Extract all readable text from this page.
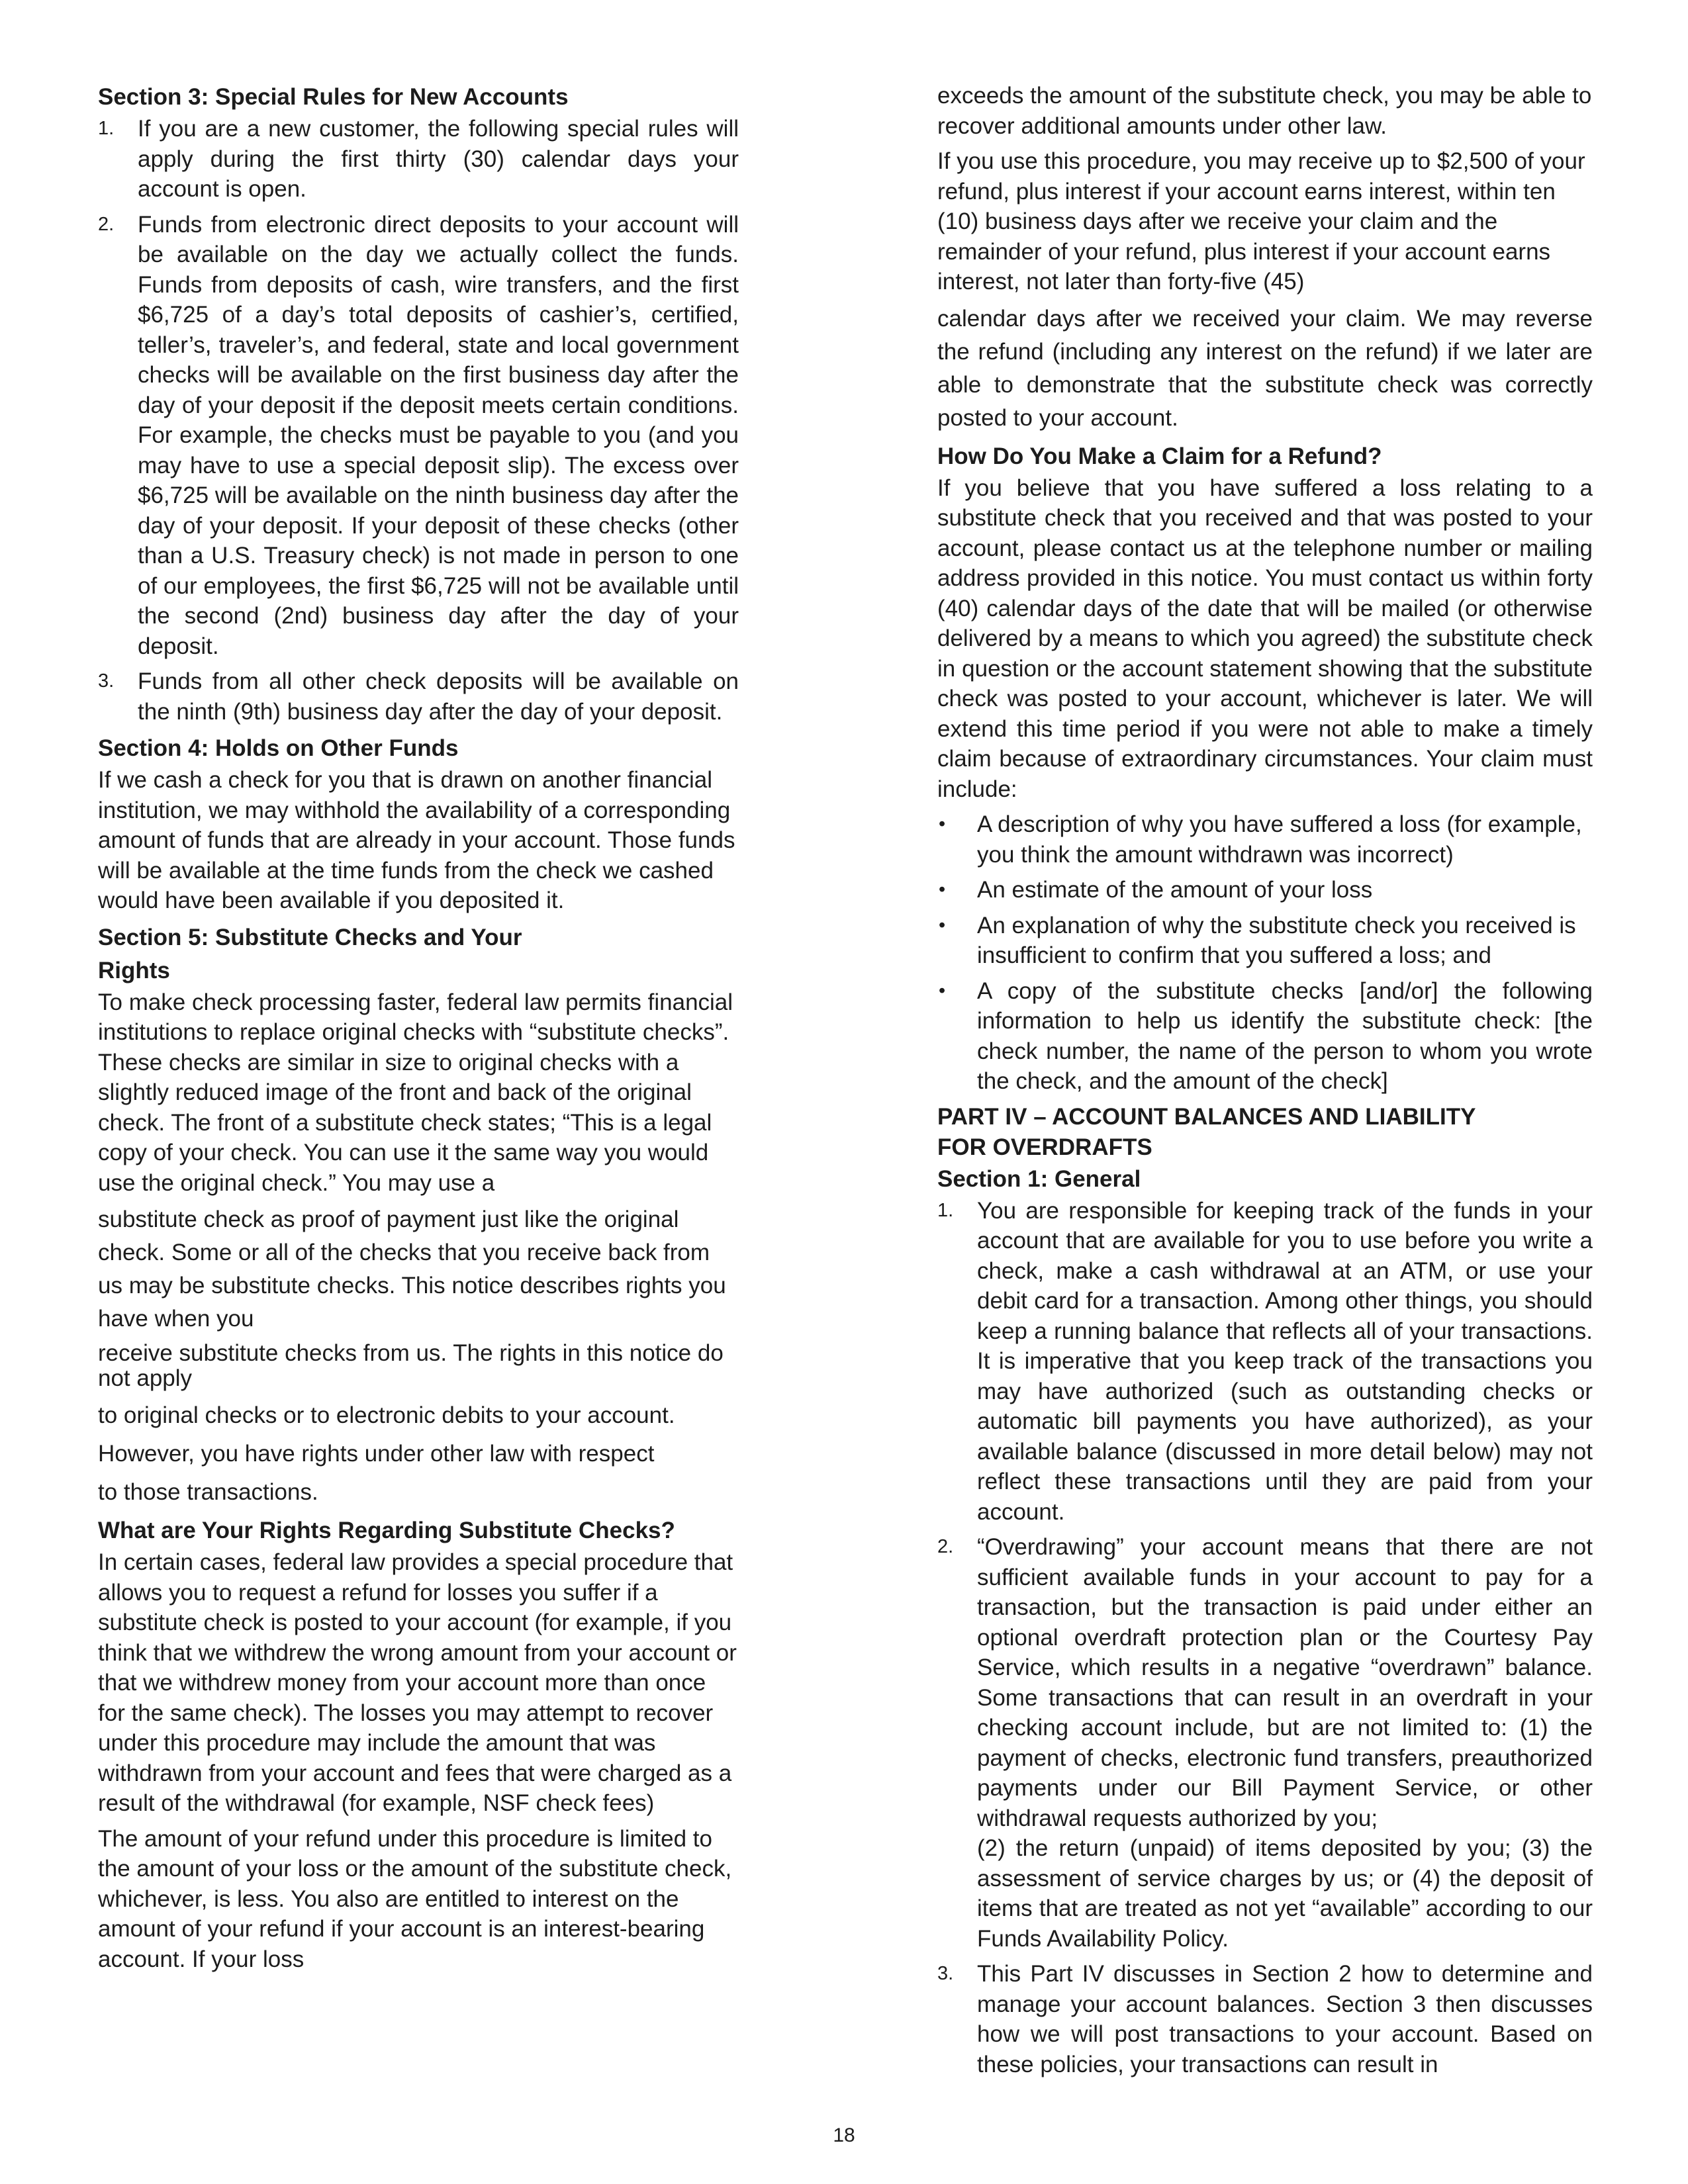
Section 3: Special Rules for New Accounts
1. If you are a new customer, the following special rules will apply during the first thirty (30) calendar days your account is open.
2. Funds from electronic direct deposits to your account will be available on the day we actually collect the funds. Funds from deposits of cash, wire transfers, and the first $6,725 of a day’s total deposits of cashier’s, certified, teller’s, traveler’s, and federal, state and local government checks will be available on the first business day after the day of your deposit if the deposit meets certain conditions. For example, the checks must be payable to you (and you may have to use a special deposit slip). The excess over $6,725 will be available on the ninth business day after the day of your deposit. If your deposit of these checks (other than a U.S. Treasury check) is not made in person to one of our employees, the first $6,725 will not be available until the second (2nd) business day after the day of your deposit.
3. Funds from all other check deposits will be available on the ninth (9th) business day after the day of your deposit.
Section 4: Holds on Other Funds

If we cash a check for you that is drawn on another financial institution, we may withhold the availability of a corresponding amount of funds that are already in your account. Those funds will be available at the time funds from the check we cashed would have been available if you deposited it.

Section 5: Substitute Checks and Your
Rights

To make check processing faster, federal law permits financial institutions to replace original checks with “substitute checks”. These checks are similar in size to original checks with a slightly reduced image of the front and back of the original check. The front of a substitute check states; “This is a legal copy of your check. You can use it the same way you would use the original check.” You may use a

substitute check as proof of payment just like the original check. Some or all of the checks that you receive back from us may be substitute checks. This notice describes rights you have when you

receive substitute checks from us. The rights in this notice do not apply

to original checks or to electronic debits to your account.

However, you have rights under other law with respect

to those transactions.

What are Your Rights Regarding Substitute Checks?

In certain cases, federal law provides a special procedure that allows you to request a refund for losses you suffer if a substitute check is posted to your account (for example, if you think that we withdrew the wrong amount from your account or that we withdrew money from your account more than once for the same check). The losses you may attempt to recover under this procedure may include the amount that was withdrawn from your account and fees that were charged as a result of the withdrawal (for example, NSF check fees)

The amount of your refund under this procedure is limited to the amount of your loss or the amount of the substitute check, whichever, is less. You also are entitled to interest on the amount of your refund if your account is an interest-bearing account. If your loss

exceeds the amount of the substitute check, you may be able to recover additional amounts under other law.

If you use this procedure, you may receive up to $2,500 of your refund, plus interest if your account earns interest, within ten (10) business days after we receive your claim and the remainder of your refund, plus interest if your account earns interest, not later than forty-five (45)

calendar days after we received your claim. We may reverse the refund (including any interest on the refund) if we later are able to demonstrate that the substitute check was correctly posted to your account.

How Do You Make a Claim for a Refund?

If you believe that you have suffered a loss relating to a substitute check that you received and that was posted to your account, please contact us at the telephone number or mailing address provided in this notice. You must contact us within forty (40) calendar days of the date that will be mailed (or otherwise delivered by a means to which you agreed) the substitute check in question or the account statement showing that the substitute check was posted to your account, whichever is later. We will extend this time period if you were not able to make a timely claim because of extraordinary circumstances. Your claim must include:

• A description of why you have suffered a loss (for example, you think the amount withdrawn was incorrect)
• An estimate of the amount of your loss
• An explanation of why the substitute check you received is insufficient to confirm that you suffered a loss; and
• A copy of the substitute checks [and/or] the following information to help us identify the substitute check: [the check number, the name of the person to whom you wrote the check, and the amount of the check]
PART IV – ACCOUNT BALANCES AND LIABILITY
FOR OVERDRAFTS
Section 1: General
1. You are responsible for keeping track of the funds in your account that are available for you to use before you write a check, make a cash withdrawal at an ATM, or use your debit card for a transaction. Among other things, you should keep a running balance that reflects all of your transactions. It is imperative that you keep track of the transactions you may have authorized (such as outstanding checks or automatic bill payments you have authorized), as your available balance (discussed in more detail below) may not reflect these transactions until they are paid from your account.
2. “Overdrawing” your account means that there are not sufficient available funds in your account to pay for a transaction, but the transaction is paid under either an optional overdraft protection plan or the Courtesy Pay Service, which results in a negative “overdrawn” balance. Some transactions that can result in an overdraft in your checking account include, but are not limited to: (1) the payment of checks, electronic fund transfers, preauthorized payments under our Bill Payment Service, or other withdrawal requests authorized by you;
(2) the return (unpaid) of items deposited by you; (3) the assessment of service charges by us; or (4) the deposit of items that are treated as not yet “available” according to our Funds Availability Policy.
3. This Part IV discusses in Section 2 how to determine and manage your account balances. Section 3 then discusses how we will post transactions to your account. Based on these policies, your transactions can result in
18
